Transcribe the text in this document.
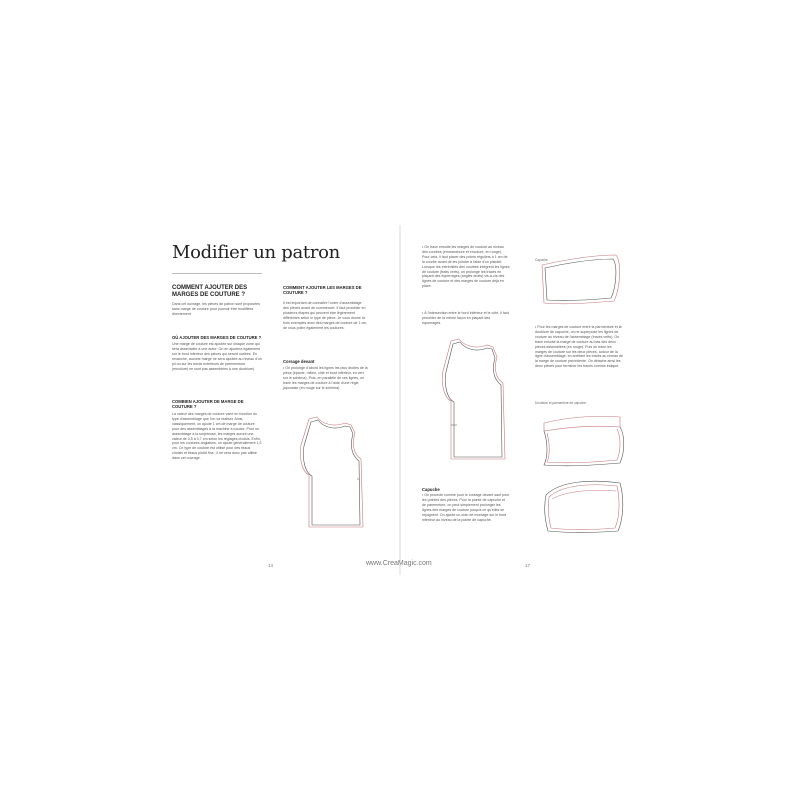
Modifier un patron
COMMENT AJOUTER DES MARGES DE COUTURE ?
Dans cet ouvrage, les pièces de patron sont proposées sans marge de couture pour pouvoir être modifiées directement.
OÙ AJOUTER DES MARGES DE COUTURE ?
Une marge de couture est ajoutée sur chaque zone qui sera assemblée à une autre. On en ajoutera également sur le bord inférieur des pièces qui seront ourlées. En revanche, aucune marge ne sera ajoutée au niveau d'un pli ou sur les bords extérieurs de parementure (encolure) ne sont pas assemblées à une doublure).
COMBIEN AJOUTER DE MARGE DE COUTURE ?
La valeur des marges de couture varie en fonction du type d'assemblage que l'on va réaliser. Ainsi, classiquement, on ajoute 1 cm de marge de couture pour des assemblages à la machine à coudre. Pour un assemblage à la surjeteuse, les marges auront une valeur de 0,5 à 0,7 cm selon les réglages choisis. Enfin, pour les coutures anglaises, on ajoute généralement 1,5 cm. Ce type de couture est utilisé pour des tissus choisis et tissus plutôt fins ; il ne sera donc pas utilisé dans cet ouvrage.
COMMENT AJOUTER LES MARGES DE COUTURE ?
Il est important de connaître l'ordre d'assemblage des pièces avant de commencer. Il faut procéder en plusieurs étapes qui peuvent être légèrement différentes selon le type de pièce. Je vous donne ici trois exemples avec des marges de couture de 1 cm, de vous polire également les coutures.
Corsage devant
• On prolonge d'abord les lignes les plus droites de la pièce (épaule, milieu, côté et bord inférieur, en vert sur le schéma). Puis, en parallèle de ces lignes, on trace les marges de couture à l'aide d'une règle japonaise (en rouge sur le schéma).
14
• On trace ensuite les marges de couture au niveau des courbes (emmanchure et encolure, en rouge). Pour cela, il faut placer des points réguliers à 1 cm de la courbe avant de les joindre à l'aide d'un pistolet. Lorsque les extrémités des courbes intègrent les lignes de couture (traits verts), on prolonge les tracés en plaçant des équerrages (angles droits) vis-à-vis des lignes de couture et des marges de couture déjà en place.
• À l'intersection entre le bord inférieur et le côté, il faut procéder de la même façon en plaçant des équerrages.
Capuche
• On procède comme pour le corsage devant sauf pour les pointes des pièces. Pour la pointe de capuche et de parmenture, on peut simplement prolonger les lignes des marges de couture jusqu'à ce qu'elles se rejoignent. On ajoute un cran de montage sur le bord inférieur au niveau de la pointe de capuche.
Capuche
• Pour les marges de couture entre la parmenture et la doublure de capuche, on ne superpose les lignes de couture au niveau de l'assemblage (tracés verts). On trace ensuite la marge de couture au bas des deux pièces assemblées (en rouge). Puis on trace les marges de couture sur les deux pièces, autour de la ligne d'assemblage, en arrêtant les tracés au niveau de la marge de couture précédente. On détache ainsi les deux pièces pour terminer les tracés comme indiqué.
Doublure et parmenture de capuche
17
www.CreaMagic.com
